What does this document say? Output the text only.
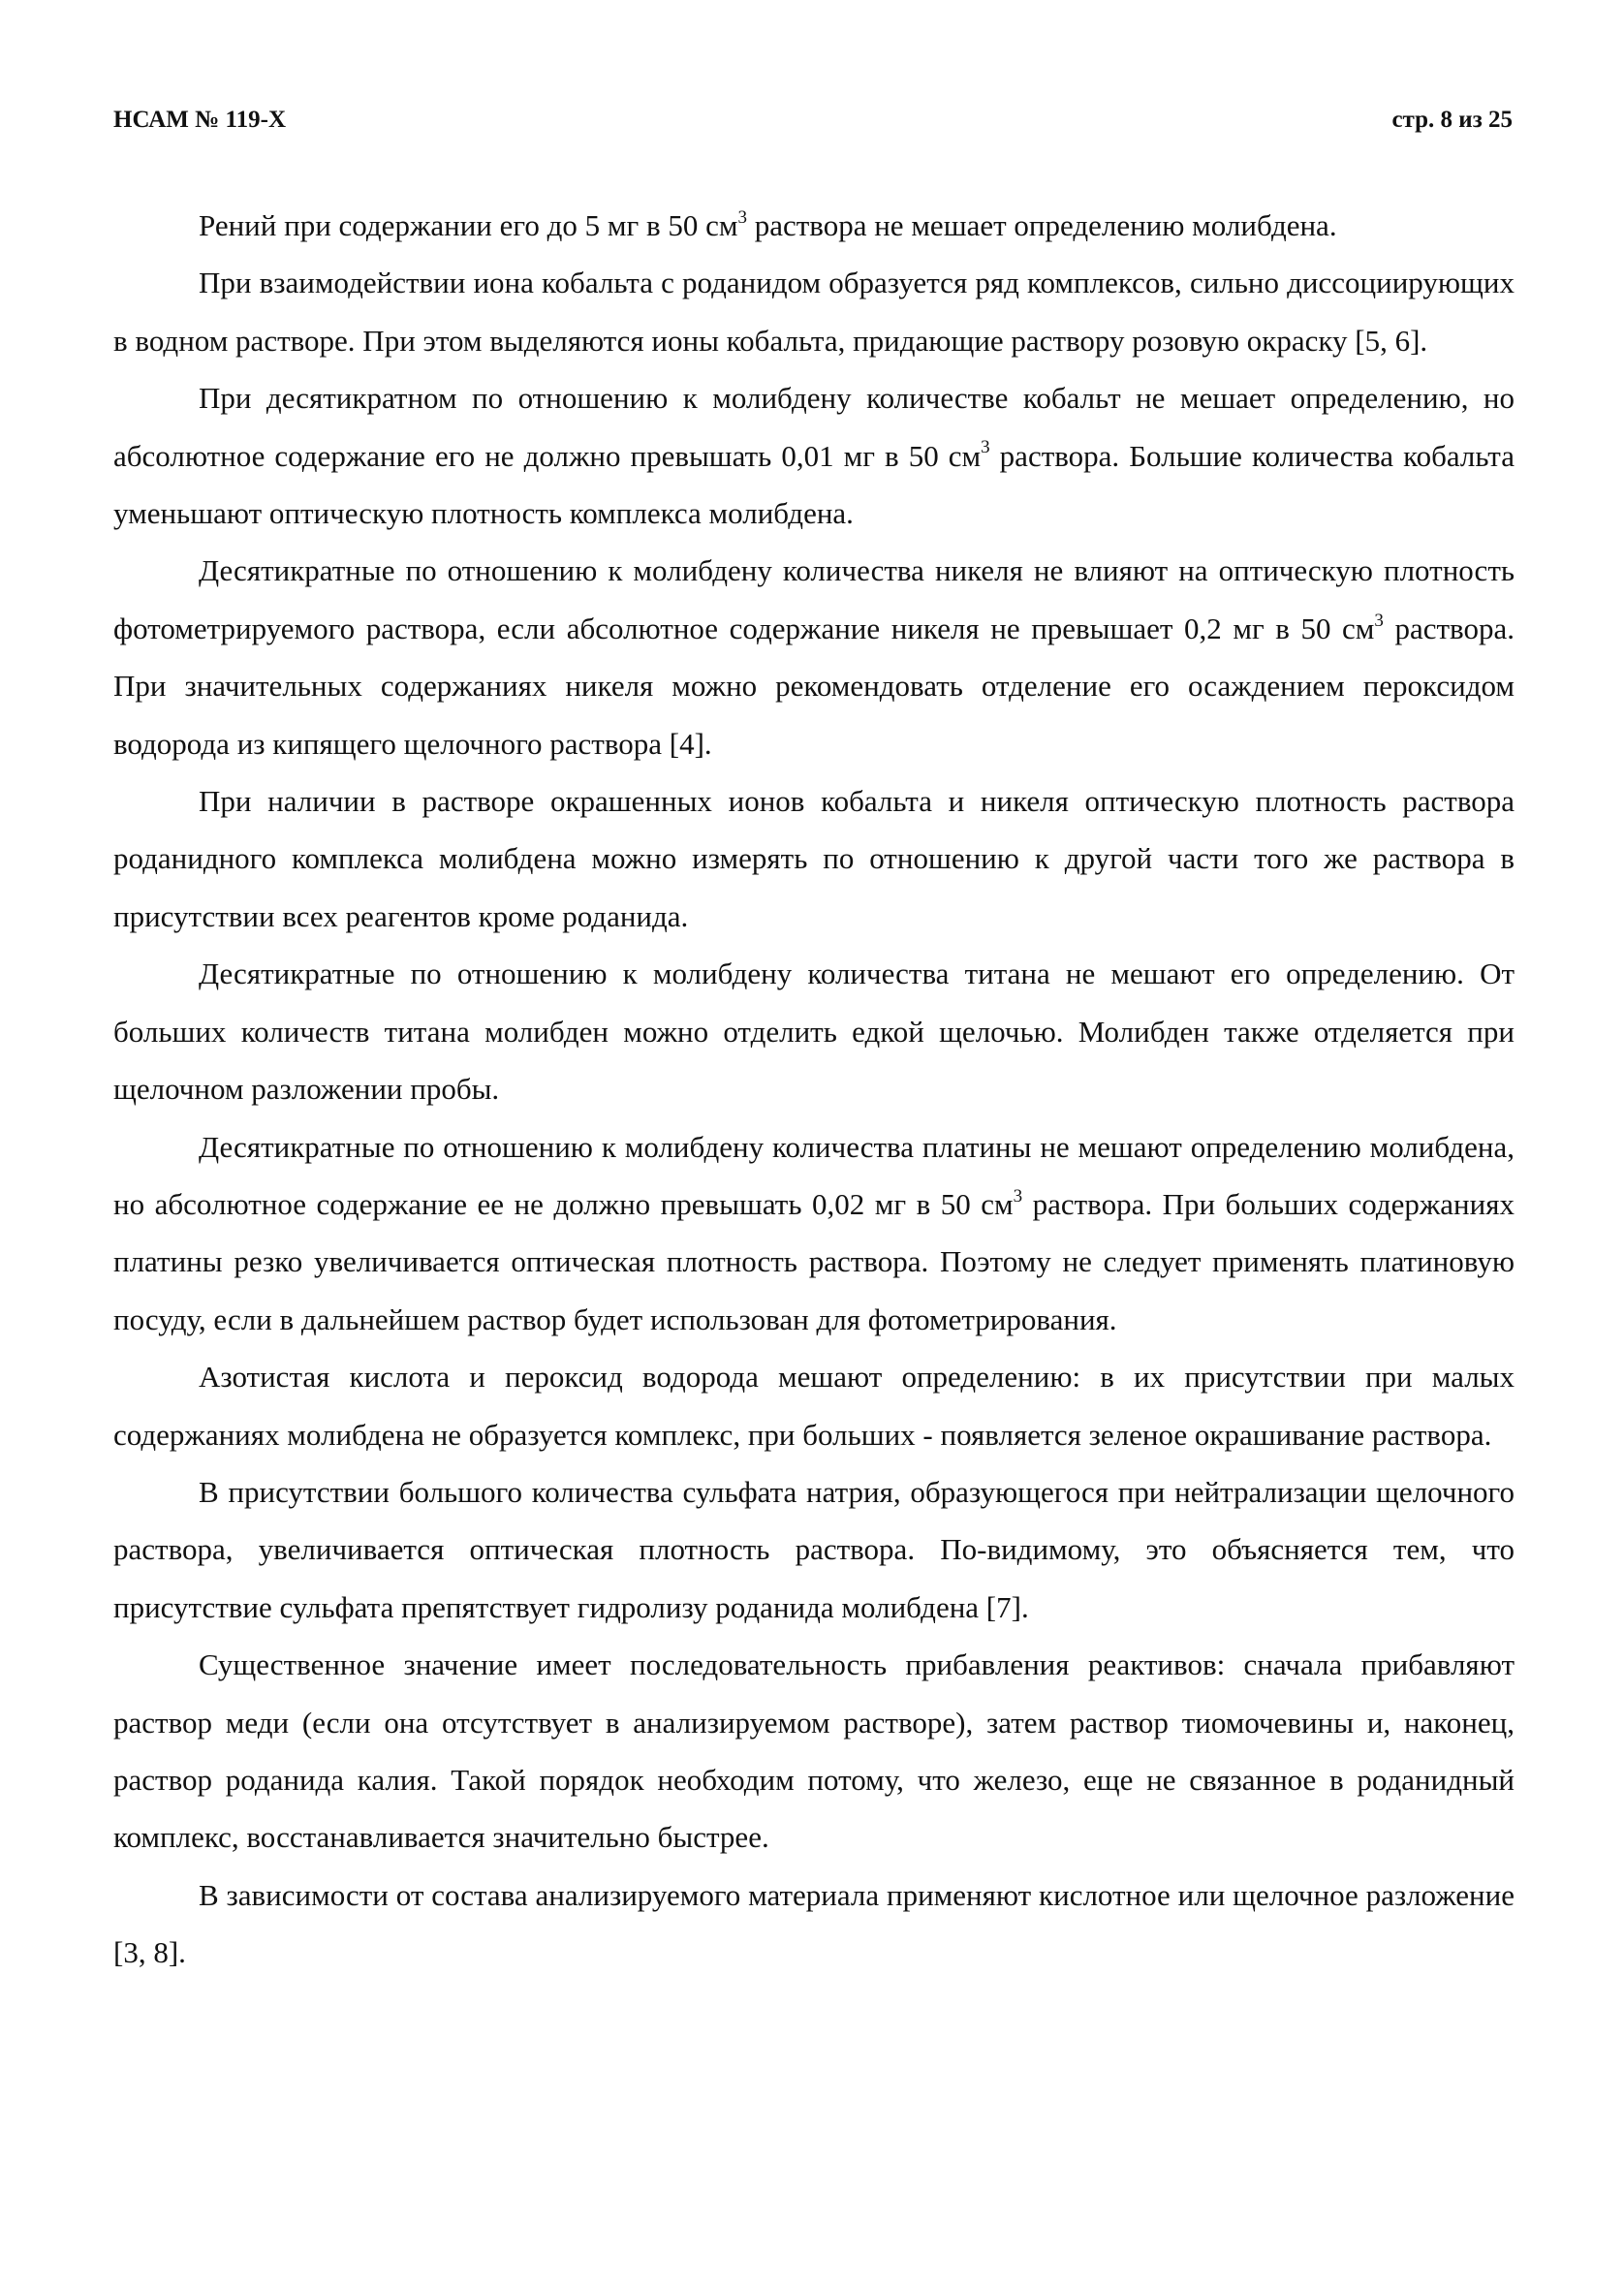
НСАМ № 119-Х	стр. 8 из 25

Рений при содержании его до 5 мг в 50 $см^3$ раствора не мешает определению молибдена.

При взаимодействии иона кобальта с роданидом образуется ряд комплексов, сильно диссоциирующих в водном растворе. При этом выделяются ионы кобальта, придающие раствору розовую окраску [5, 6].

При десятикратном по отношению к молибдену количестве кобальт не мешает определению, но абсолютное содержание его не должно превышать 0,01 мг в 50 $см^3$ раствора. Большие количества кобальта уменьшают оптическую плотность комплекса молибдена.

Десятикратные по отношению к молибдену количества никеля не влияют на оптическую плотность фотометрируемого раствора, если абсолютное содержание никеля не превышает 0,2 мг в 50 $см^3$ раствора. При значительных содержаниях никеля можно рекомендовать отделение его осаждением пероксидом водорода из кипящего щелочного раствора [4].

При наличии в растворе окрашенных ионов кобальта и никеля оптическую плотность раствора роданидного комплекса молибдена можно измерять по отношению к другой части того же раствора в присутствии всех реагентов кроме роданида.

Десятикратные по отношению к молибдену количества титана не мешают его определению. От больших количеств титана молибден можно отделить едкой щелочью. Молибден также отделяется при щелочном разложении пробы.

Десятикратные по отношению к молибдену количества платины не мешают определению молибдена, но абсолютное содержание ее не должно превышать 0,02 мг в 50 $см^3$ раствора. При больших содержаниях платины резко увеличивается оптическая плотность раствора. Поэтому не следует применять платиновую посуду, если в дальнейшем раствор будет использован для фотометрирования.

Азотистая кислота и пероксид водорода мешают определению: в их присутствии при малых содержаниях молибдена не образуется комплекс, при больших - появляется зеленое окрашивание раствора.

В присутствии большого количества сульфата натрия, образующегося при нейтрализации щелочного раствора, увеличивается оптическая плотность раствора. По-видимому, это объясняется тем, что присутствие сульфата препятствует гидролизу роданида молибдена [7].

Существенное значение имеет последовательность прибавления реактивов: сначала прибавляют раствор меди (если она отсутствует в анализируемом растворе), затем раствор тиомочевины и, наконец, раствор роданида калия. Такой порядок необходим потому, что железо, еще не связанное в роданидный комплекс, восстанавливается значительно быстрее.

В зависимости от состава анализируемого материала применяют кислотное или щелочное разложение [3, 8].
